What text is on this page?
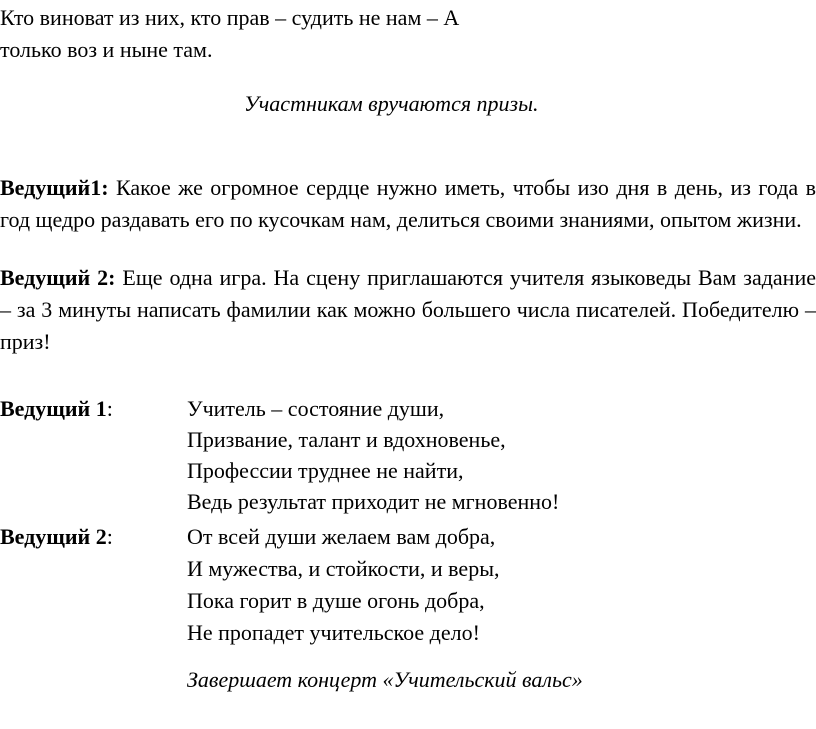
Кто виноват из них, кто прав – судить не нам – А
только воз и ныне там.
Участникам вручаются призы.
Ведущий1: Какое же огромное сердце нужно иметь, чтобы изо дня в день, из года в год щедро раздавать его по кусочкам нам, делиться своими знаниями, опытом жизни.
Ведущий 2: Еще одна игра. На сцену приглашаются учителя языковеды Вам задание – за 3 минуты написать фамилии как можно большего числа писателей. Победителю – приз!
Ведущий 1:	Учитель – состояние души,
Призвание, талант и вдохновенье,
Профессии труднее не найти,
Ведь результат приходит не мгновенно!
Ведущий 2:	От всей души желаем вам добра,
И мужества, и стойкости, и веры,
Пока горит в душе огонь добра,
Не пропадет учительское дело!
Завершает концерт «Учительский вальс»
